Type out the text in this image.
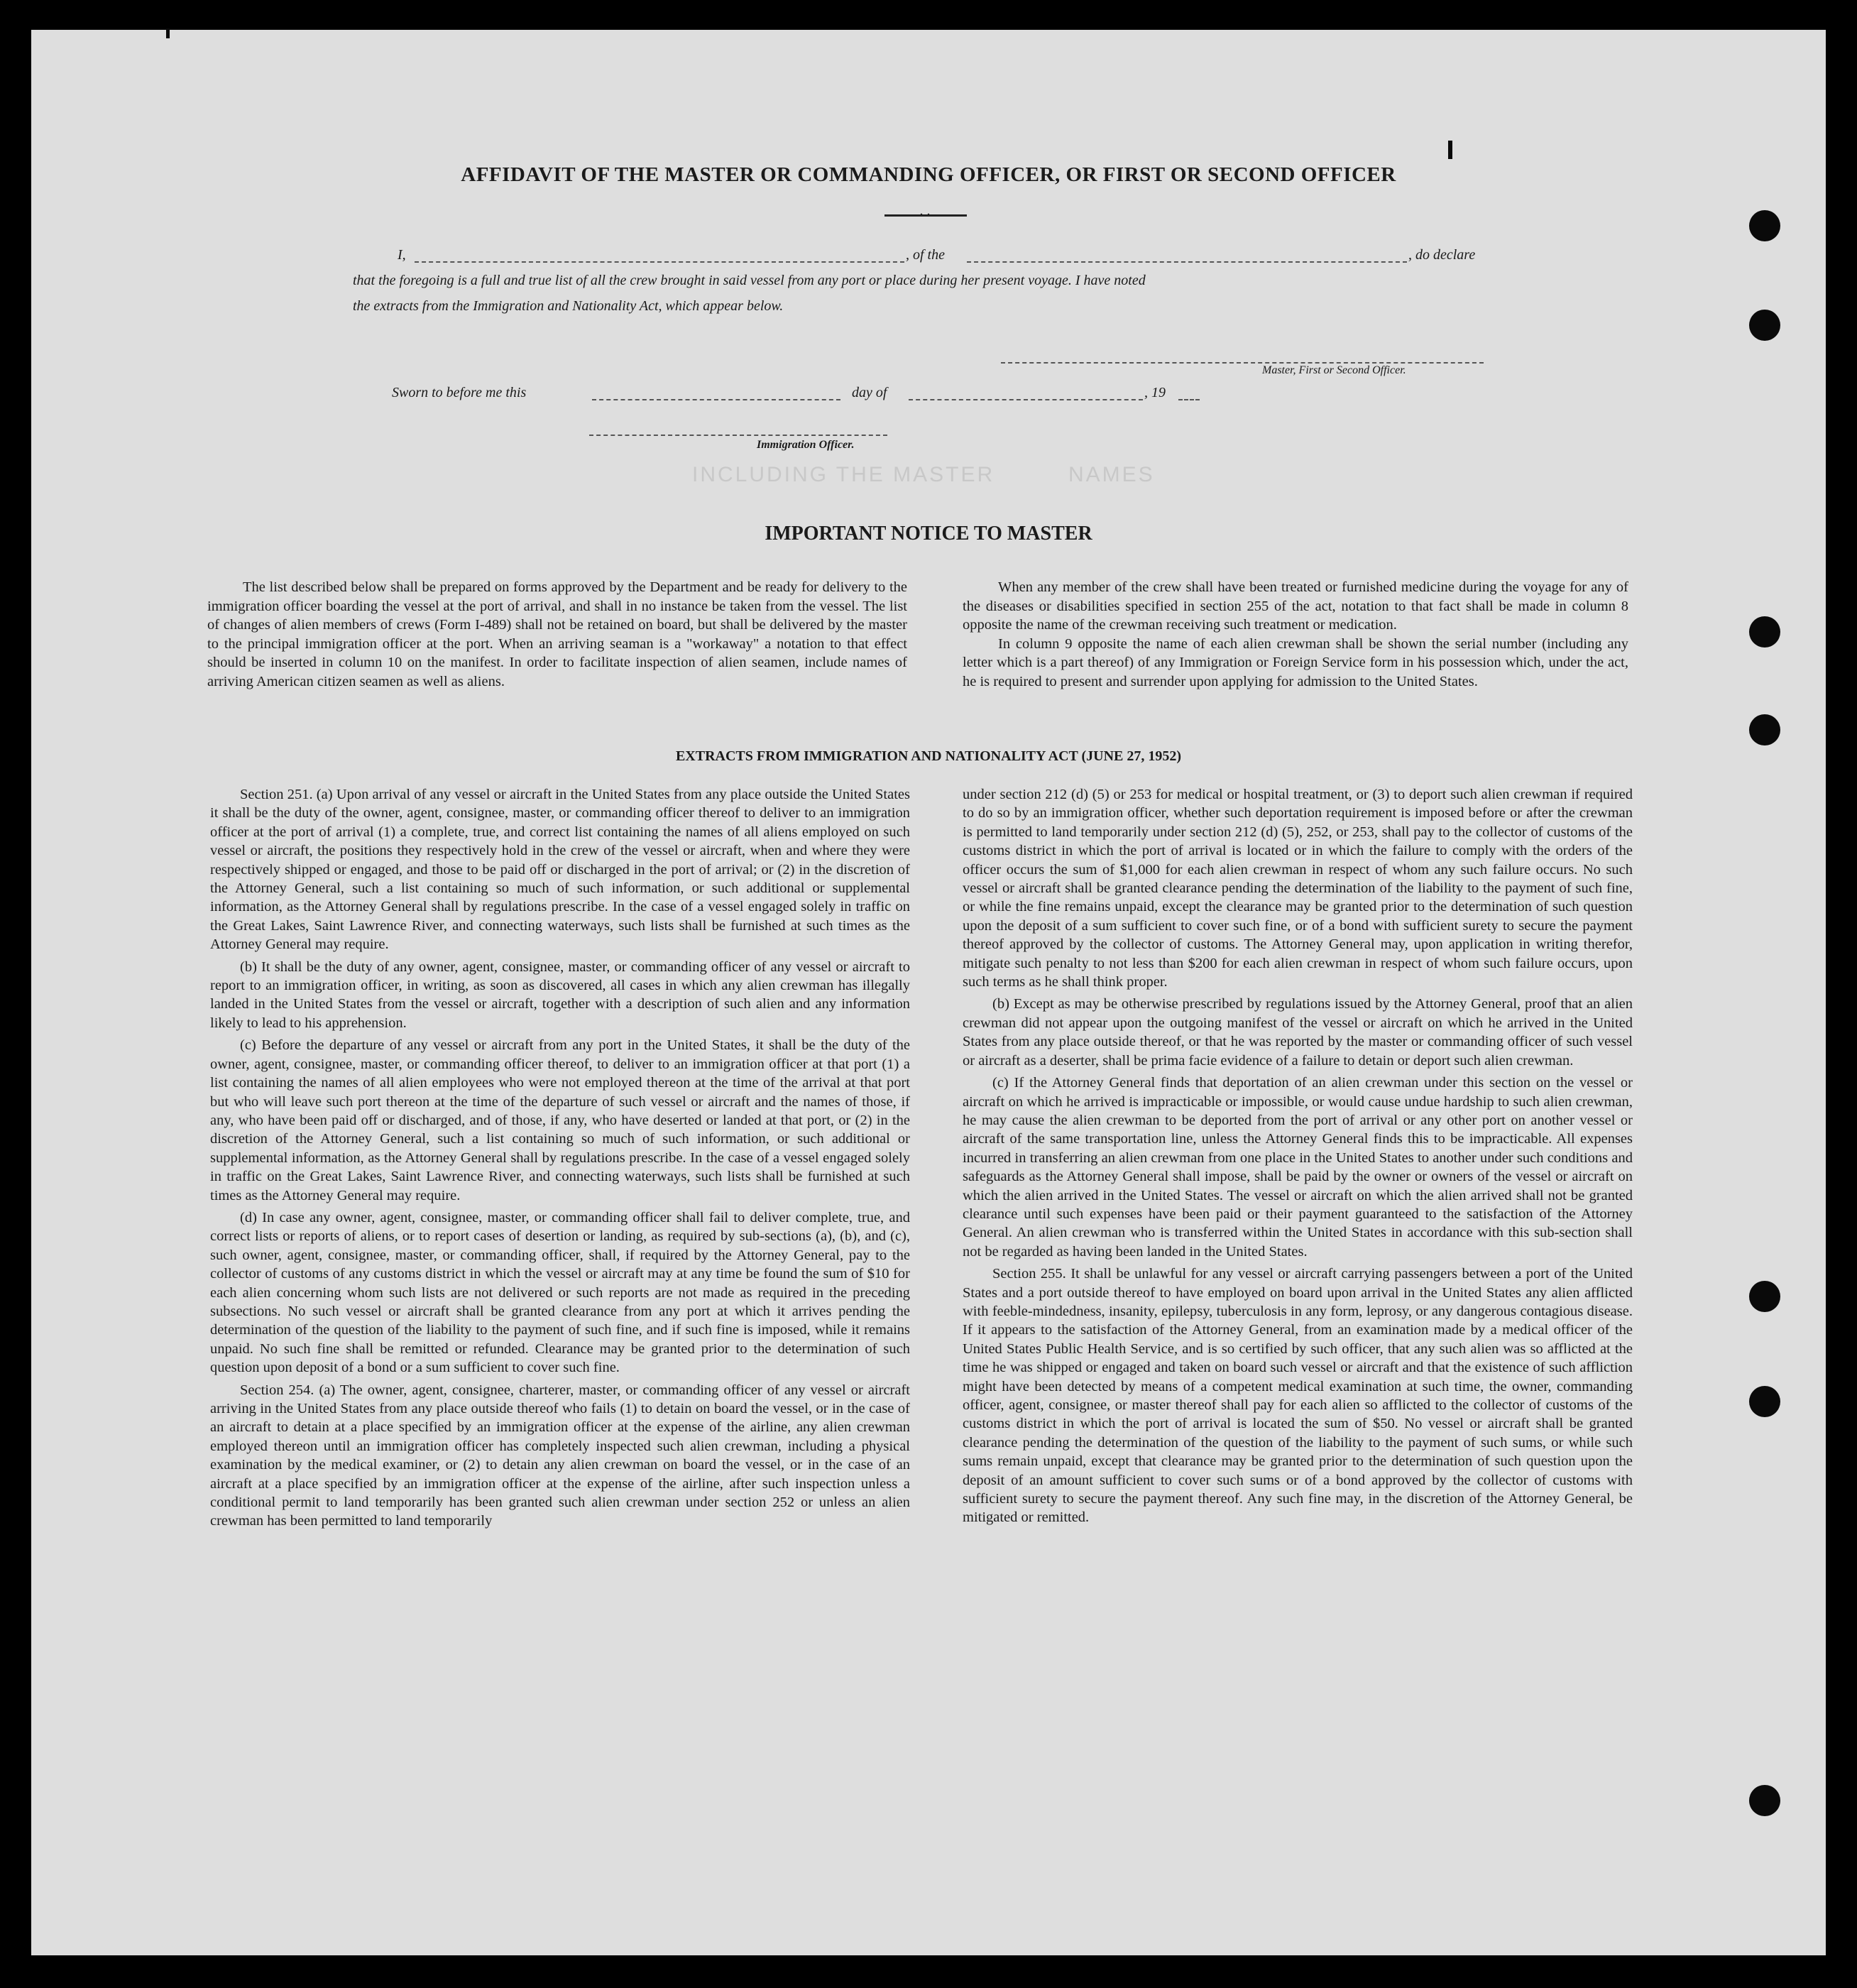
INCLUDING THE MASTER	NAMES
AFFIDAVIT OF THE MASTER OR COMMANDING OFFICER, OR FIRST OR SECOND OFFICER
. .
I,	, of the	, do declare
that the foregoing is a full and true list of all the crew brought in said vessel from any port or place during her present voyage. I have noted
the extracts from the Immigration and Nationality Act, which appear below.
Master, First or Second Officer.
Sworn to before me this	day of	, 19
Immigration Officer.
IMPORTANT NOTICE TO MASTER

The list described below shall be prepared on forms approved by the Department and be ready for delivery to the immigration officer boarding the vessel at the port of arrival, and shall in no instance be taken from the vessel. The list of changes of alien members of crews (Form I-489) shall not be retained on board, but shall be delivered by the master to the principal immigration officer at the port. When an arriving seaman is a "workaway" a notation to that effect should be inserted in column 10 on the manifest. In order to facilitate inspection of alien seamen, include names of arriving American citizen seamen as well as aliens.

When any member of the crew shall have been treated or furnished medicine during the voyage for any of the diseases or disabilities specified in section 255 of the act, notation to that fact shall be made in column 8 opposite the name of the crewman receiving such treatment or medication.

In column 9 opposite the name of each alien crewman shall be shown the serial number (including any letter which is a part thereof) of any Immigration or Foreign Service form in his possession which, under the act, he is required to present and surrender upon applying for admission to the United States.

EXTRACTS FROM IMMIGRATION AND NATIONALITY ACT (JUNE 27, 1952)

Section 251. (a) Upon arrival of any vessel or aircraft in the United States from any place outside the United States it shall be the duty of the owner, agent, consignee, master, or commanding officer thereof to deliver to an immigration officer at the port of arrival (1) a complete, true, and correct list containing the names of all aliens employed on such vessel or aircraft, the positions they respectively hold in the crew of the vessel or aircraft, when and where they were respectively shipped or engaged, and those to be paid off or discharged in the port of arrival; or (2) in the discretion of the Attorney General, such a list containing so much of such information, or such additional or supplemental information, as the Attorney General shall by regulations prescribe. In the case of a vessel engaged solely in traffic on the Great Lakes, Saint Lawrence River, and connecting waterways, such lists shall be furnished at such times as the Attorney General may require.

(b) It shall be the duty of any owner, agent, consignee, master, or commanding officer of any vessel or aircraft to report to an immigration officer, in writing, as soon as discovered, all cases in which any alien crewman has illegally landed in the United States from the vessel or aircraft, together with a description of such alien and any information likely to lead to his apprehension.

(c) Before the departure of any vessel or aircraft from any port in the United States, it shall be the duty of the owner, agent, consignee, master, or commanding officer thereof, to deliver to an immigration officer at that port (1) a list containing the names of all alien employees who were not employed thereon at the time of the arrival at that port but who will leave such port thereon at the time of the departure of such vessel or aircraft and the names of those, if any, who have been paid off or discharged, and of those, if any, who have deserted or landed at that port, or (2) in the discretion of the Attorney General, such a list containing so much of such information, or such additional or supplemental information, as the Attorney General shall by regulations prescribe. In the case of a vessel engaged solely in traffic on the Great Lakes, Saint Lawrence River, and connecting waterways, such lists shall be furnished at such times as the Attorney General may require.

(d) In case any owner, agent, consignee, master, or commanding officer shall fail to deliver complete, true, and correct lists or reports of aliens, or to report cases of desertion or landing, as required by sub-sections (a), (b), and (c), such owner, agent, consignee, master, or commanding officer, shall, if required by the Attorney General, pay to the collector of customs of any customs district in which the vessel or aircraft may at any time be found the sum of $10 for each alien concerning whom such lists are not delivered or such reports are not made as required in the preceding subsections. No such vessel or aircraft shall be granted clearance from any port at which it arrives pending the determination of the question of the liability to the payment of such fine, and if such fine is imposed, while it remains unpaid. No such fine shall be remitted or refunded. Clearance may be granted prior to the determination of such question upon deposit of a bond or a sum sufficient to cover such fine.

Section 254. (a) The owner, agent, consignee, charterer, master, or commanding officer of any vessel or aircraft arriving in the United States from any place outside thereof who fails (1) to detain on board the vessel, or in the case of an aircraft to detain at a place specified by an immigration officer at the expense of the airline, any alien crewman employed thereon until an immigration officer has completely inspected such alien crewman, including a physical examination by the medical examiner, or (2) to detain any alien crewman on board the vessel, or in the case of an aircraft at a place specified by an immigration officer at the expense of the airline, after such inspection unless a conditional permit to land temporarily has been granted such alien crewman under section 252 or unless an alien crewman has been permitted to land temporarily

under section 212 (d) (5) or 253 for medical or hospital treatment, or (3) to deport such alien crewman if required to do so by an immigration officer, whether such deportation requirement is imposed before or after the crewman is permitted to land temporarily under section 212 (d) (5), 252, or 253, shall pay to the collector of customs of the customs district in which the port of arrival is located or in which the failure to comply with the orders of the officer occurs the sum of $1,000 for each alien crewman in respect of whom any such failure occurs. No such vessel or aircraft shall be granted clearance pending the determination of the liability to the payment of such fine, or while the fine remains unpaid, except the clearance may be granted prior to the determination of such question upon the deposit of a sum sufficient to cover such fine, or of a bond with sufficient surety to secure the payment thereof approved by the collector of customs. The Attorney General may, upon application in writing therefor, mitigate such penalty to not less than $200 for each alien crewman in respect of whom such failure occurs, upon such terms as he shall think proper.

(b) Except as may be otherwise prescribed by regulations issued by the Attorney General, proof that an alien crewman did not appear upon the outgoing manifest of the vessel or aircraft on which he arrived in the United States from any place outside thereof, or that he was reported by the master or commanding officer of such vessel or aircraft as a deserter, shall be prima facie evidence of a failure to detain or deport such alien crewman.

(c) If the Attorney General finds that deportation of an alien crewman under this section on the vessel or aircraft on which he arrived is impracticable or impossible, or would cause undue hardship to such alien crewman, he may cause the alien crewman to be deported from the port of arrival or any other port on another vessel or aircraft of the same transportation line, unless the Attorney General finds this to be impracticable. All expenses incurred in transferring an alien crewman from one place in the United States to another under such conditions and safeguards as the Attorney General shall impose, shall be paid by the owner or owners of the vessel or aircraft on which the alien arrived in the United States. The vessel or aircraft on which the alien arrived shall not be granted clearance until such expenses have been paid or their payment guaranteed to the satisfaction of the Attorney General. An alien crewman who is transferred within the United States in accordance with this sub-section shall not be regarded as having been landed in the United States.

Section 255. It shall be unlawful for any vessel or aircraft carrying passengers between a port of the United States and a port outside thereof to have employed on board upon arrival in the United States any alien afflicted with feeble-mindedness, insanity, epilepsy, tuberculosis in any form, leprosy, or any dangerous contagious disease. If it appears to the satisfaction of the Attorney General, from an examination made by a medical officer of the United States Public Health Service, and is so certified by such officer, that any such alien was so afflicted at the time he was shipped or engaged and taken on board such vessel or aircraft and that the existence of such affliction might have been detected by means of a competent medical examination at such time, the owner, commanding officer, agent, consignee, or master thereof shall pay for each alien so afflicted to the collector of customs of the customs district in which the port of arrival is located the sum of $50. No vessel or aircraft shall be granted clearance pending the determination of the question of the liability to the payment of such sums, or while such sums remain unpaid, except that clearance may be granted prior to the determination of such question upon the deposit of an amount sufficient to cover such sums or of a bond approved by the collector of customs with sufficient surety to secure the payment thereof. Any such fine may, in the discretion of the Attorney General, be mitigated or remitted.
